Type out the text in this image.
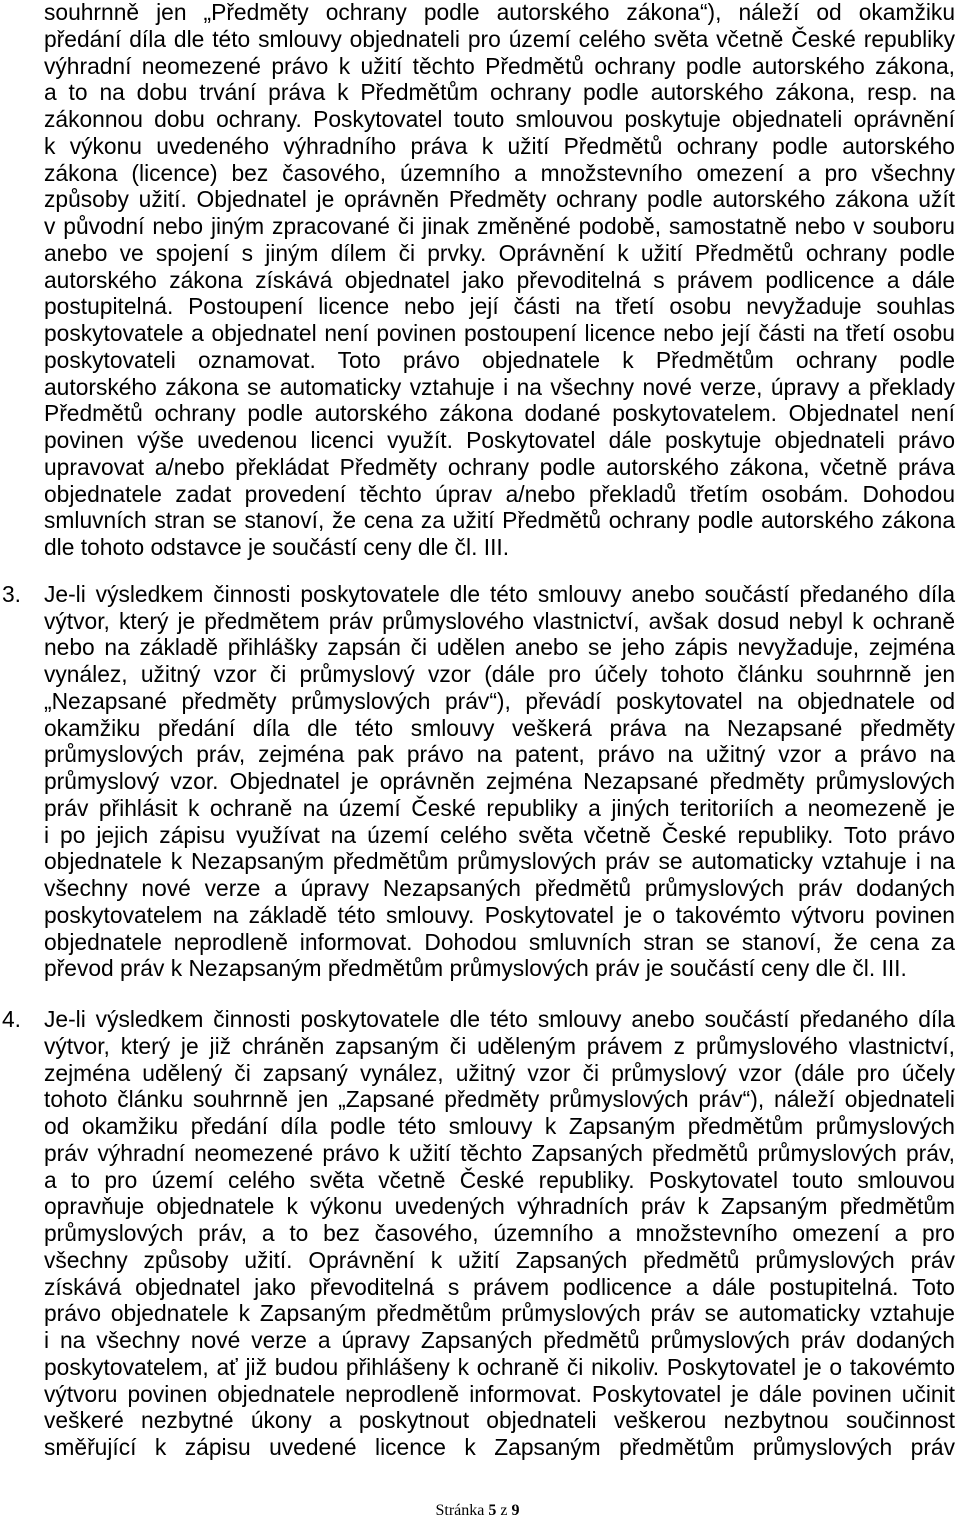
souhrnně jen „Předměty ochrany podle autorského zákona“), náleží od okamžiku
předání díla dle této smlouvy objednateli pro území celého světa včetně České republiky
výhradní neomezené právo k užití těchto Předmětů ochrany podle autorského zákona,
a to na dobu trvání práva k Předmětům ochrany podle autorského zákona, resp. na
zákonnou dobu ochrany. Poskytovatel touto smlouvou poskytuje objednateli oprávnění
k výkonu uvedeného výhradního práva k užití Předmětů ochrany podle autorského
zákona (licence) bez časového, územního a množstevního omezení a pro všechny
způsoby užití. Objednatel je oprávněn Předměty ochrany podle autorského zákona užít
v původní nebo jiným zpracované či jinak změněné podobě, samostatně nebo v souboru
anebo ve spojení s jiným dílem či prvky. Oprávnění k užití Předmětů ochrany podle
autorského zákona získává objednatel jako převoditelná s právem podlicence a dále
postupitelná. Postoupení licence nebo její části na třetí osobu nevyžaduje souhlas
poskytovatele a objednatel není povinen postoupení licence nebo její části na třetí osobu
poskytovateli oznamovat. Toto právo objednatele k Předmětům ochrany podle
autorského zákona se automaticky vztahuje i na všechny nové verze, úpravy a překlady
Předmětů ochrany podle autorského zákona dodané poskytovatelem. Objednatel není
povinen výše uvedenou licenci využít. Poskytovatel dále poskytuje objednateli právo
upravovat a/nebo překládat Předměty ochrany podle autorského zákona, včetně práva
objednatele zadat provedení těchto úprav a/nebo překladů třetím osobám. Dohodou
smluvních stran se stanoví, že cena za užití Předmětů ochrany podle autorského zákona
dle tohoto odstavce je součástí ceny dle čl. III.
3. Je-li výsledkem činnosti poskytovatele dle této smlouvy anebo součástí předaného díla
výtvor, který je předmětem práv průmyslového vlastnictví, avšak dosud nebyl k ochraně
nebo na základě přihlášky zapsán či udělen anebo se jeho zápis nevyžaduje, zejména
vynález, užitný vzor či průmyslový vzor (dále pro účely tohoto článku souhrnně jen
„Nezapsané předměty průmyslových práv“), převádí poskytovatel na objednatele od
okamžiku předání díla dle této smlouvy veškerá práva na Nezapsané předměty
průmyslových práv, zejména pak právo na patent, právo na užitný vzor a právo na
průmyslový vzor. Objednatel je oprávněn zejména Nezapsané předměty průmyslových
práv přihlásit k ochraně na území České republiky a jiných teritoriích a neomezeně je
i po jejich zápisu využívat na území celého světa včetně České republiky. Toto právo
objednatele k Nezapsaným předmětům průmyslových práv se automaticky vztahuje i na
všechny nové verze a úpravy Nezapsaných předmětů průmyslových práv dodaných
poskytovatelem na základě této smlouvy. Poskytovatel je o takovémto výtvoru povinen
objednatele neprodleně informovat. Dohodou smluvních stran se stanoví, že cena za
převod práv k Nezapsaným předmětům průmyslových práv je součástí ceny dle čl. III.
4. Je-li výsledkem činnosti poskytovatele dle této smlouvy anebo součástí předaného díla
výtvor, který je již chráněn zapsaným či uděleným právem z průmyslového vlastnictví,
zejména udělený či zapsaný vynález, užitný vzor či průmyslový vzor (dále pro účely
tohoto článku souhrnně jen „Zapsané předměty průmyslových práv“), náleží objednateli
od okamžiku předání díla podle této smlouvy k Zapsaným předmětům průmyslových
práv výhradní neomezené právo k užití těchto Zapsaných předmětů průmyslových práv,
a to pro území celého světa včetně České republiky. Poskytovatel touto smlouvou
opravňuje objednatele k výkonu uvedených výhradních práv k Zapsaným předmětům
průmyslových práv, a to bez časového, územního a množstevního omezení a pro
všechny způsoby užití. Oprávnění k užití Zapsaných předmětů průmyslových práv
získává objednatel jako převoditelná s právem podlicence a dále postupitelná. Toto
právo objednatele k Zapsaným předmětům průmyslových práv se automaticky vztahuje
i na všechny nové verze a úpravy Zapsaných předmětů průmyslových práv dodaných
poskytovatelem, ať již budou přihlášeny k ochraně či nikoliv. Poskytovatel je o takovémto
výtvoru povinen objednatele neprodleně informovat. Poskytovatel je dále povinen učinit
veškeré nezbytné úkony a poskytnout objednateli veškerou nezbytnou součinnost
směřující k zápisu uvedené licence k Zapsaným předmětům průmyslových práv
Stránka 5 z 9
